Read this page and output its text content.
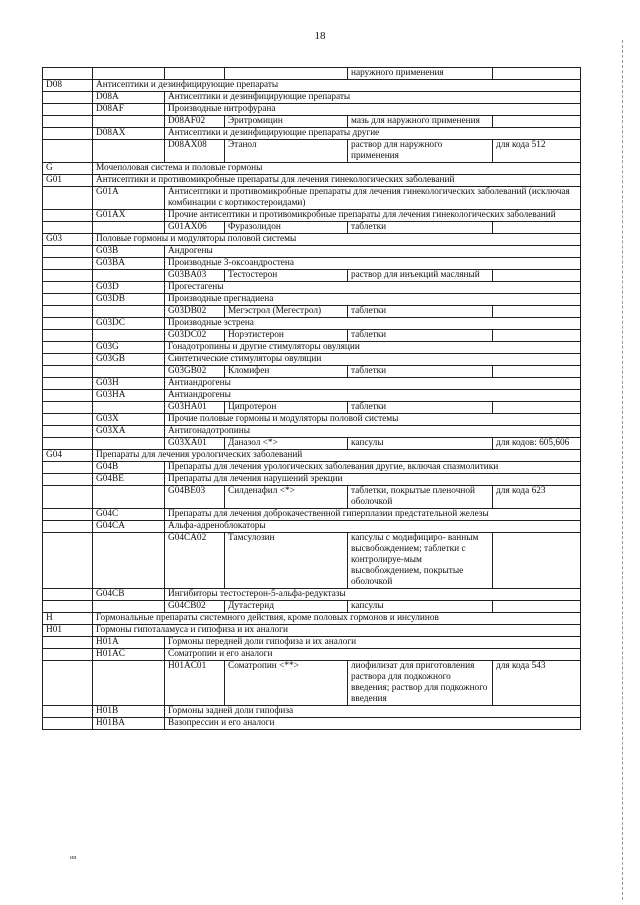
18
				наружного применения	
D08	Антисептики и дезинфицирующие препараты				
	D08A	Антисептики и дезинфицирующие препараты			
	D08AF	Производные нитрофурана			
		D08AF02	Эритромицин	мазь для наружного применения	
	D08AX	Антисептики и дезинфицирующие препараты другие			
		D08AX08	Этанол	раствор для наружного применения	для кода 512
G	Мочеполовая система и половые гормоны				
G01	Антисептики и противомикробные препараты для лечения гинекологических заболеваний				
	G01A	Антисептики и противомикробные препараты для лечения гинекологических заболеваний (исключая комбинации с кортикостероидами)			
	G01AX	Прочие антисептики и противомикробные препараты для лечения гинекологических заболеваний			
		G01AX06	Фуразолидон	таблетки	
G03	Половые гормоны и модуляторы половой системы				
	G03B	Андрогены			
	G03BA	Производные 3-оксоандростена			
		G03BA03	Тестостерон	раствор для инъекций масляный	
	G03D	Прогестагены			
	G03DB	Производные прегнадиена			
		G03DB02	Мегэстрол (Мегестрол)	таблетки	
	G03DC	Производные эстрена			
		G03DC02	Норэтистерон	таблетки	
	G03G	Гонадотропины и другие стимуляторы овуляции			
	G03GB	Синтетические стимуляторы овуляции			
		G03GB02	Кломифен	таблетки	
	G03H	Антиандрогены			
	G03HA	Антиандрогены			
		G03HA01	Ципротерон	таблетки	
	G03X	Прочие половые гормоны и модуляторы половой системы			
	G03XA	Антигонадотропины			
		G03XA01	Даназол <*>	капсулы	для кодов: 605,606
G04	Препараты для лечения урологических заболеваний				
	G04B	Препараты для лечения урологических заболевания другие, включая спазмолитики			
	G04BE	Препараты для лечения нарушений эрекции			
		G04BE03	Силденафил <*>	таблетки, покрытые пленочной оболочкой	для кода 623
	G04C	Препараты для лечения доброкачественной гиперплазии предстательной железы			
	G04CA	Альфа-адреноблокаторы			
		G04CA02	Тамсулозин	капсулы с модифициро- ванным высвобождением; таблетки с контролируе-мым высвобождением, покрытые оболочкой	
	G04CB	Ингибиторы тестостерон-5-альфа-редуктазы			
		G04CB02	Дутастерид	капсулы	
H	Гормональные препараты системного действия, кроме половых гормонов и инсулинов				
H01	Гормоны гипоталамуса и гипофиза и их аналоги				
	H01A	Гормоны передней доли гипофиза и их аналоги			
	H01AC	Соматропин и его аналоги			
		H01AC01	Соматропин <**>	лиофилизат для приготовления раствора для подкожного введения; раствор для подкожного введения	для кода 543
	H01B	Гормоны задней доли гипофиза			
	H01BA	Вазопрессин и его аналоги			
ии
